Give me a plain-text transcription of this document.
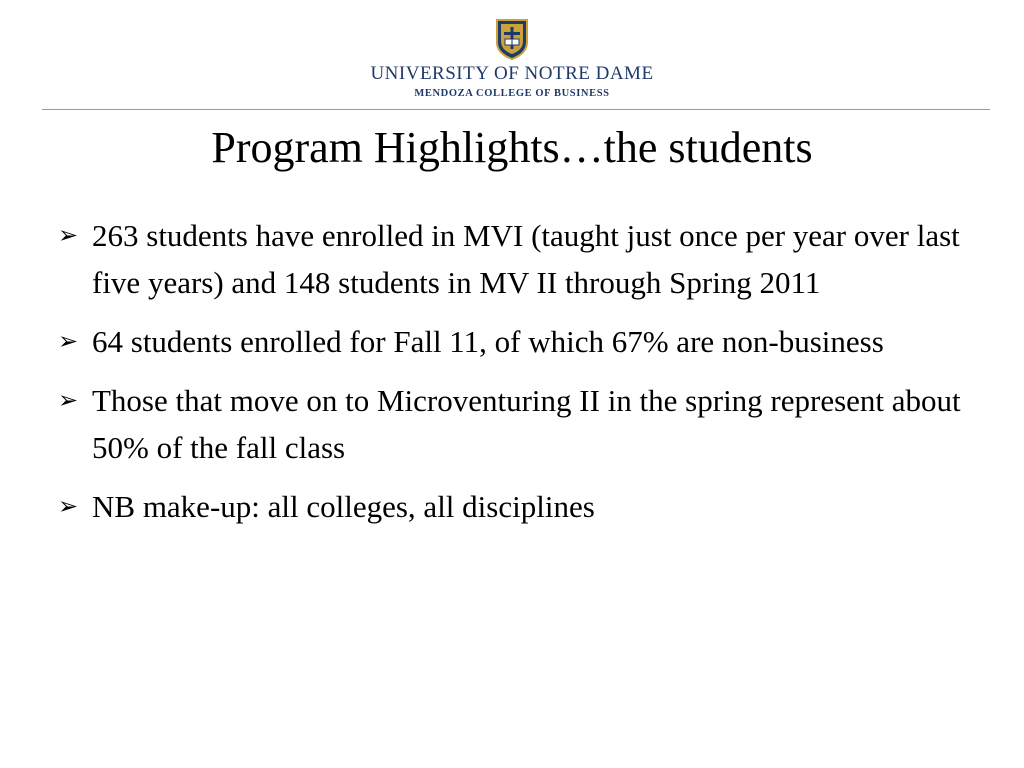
UNIVERSITY OF NOTRE DAME
MENDOZA COLLEGE OF BUSINESS
Program Highlights…the students
➢ 263 students have enrolled in MVI (taught just once per year over last five years) and 148 students in MV II through Spring 2011
➢ 64 students enrolled for Fall 11, of which 67% are non-business
➢ Those that move on to Microventuring II in the spring represent about 50% of the fall class
➢ NB make-up: all colleges, all disciplines
